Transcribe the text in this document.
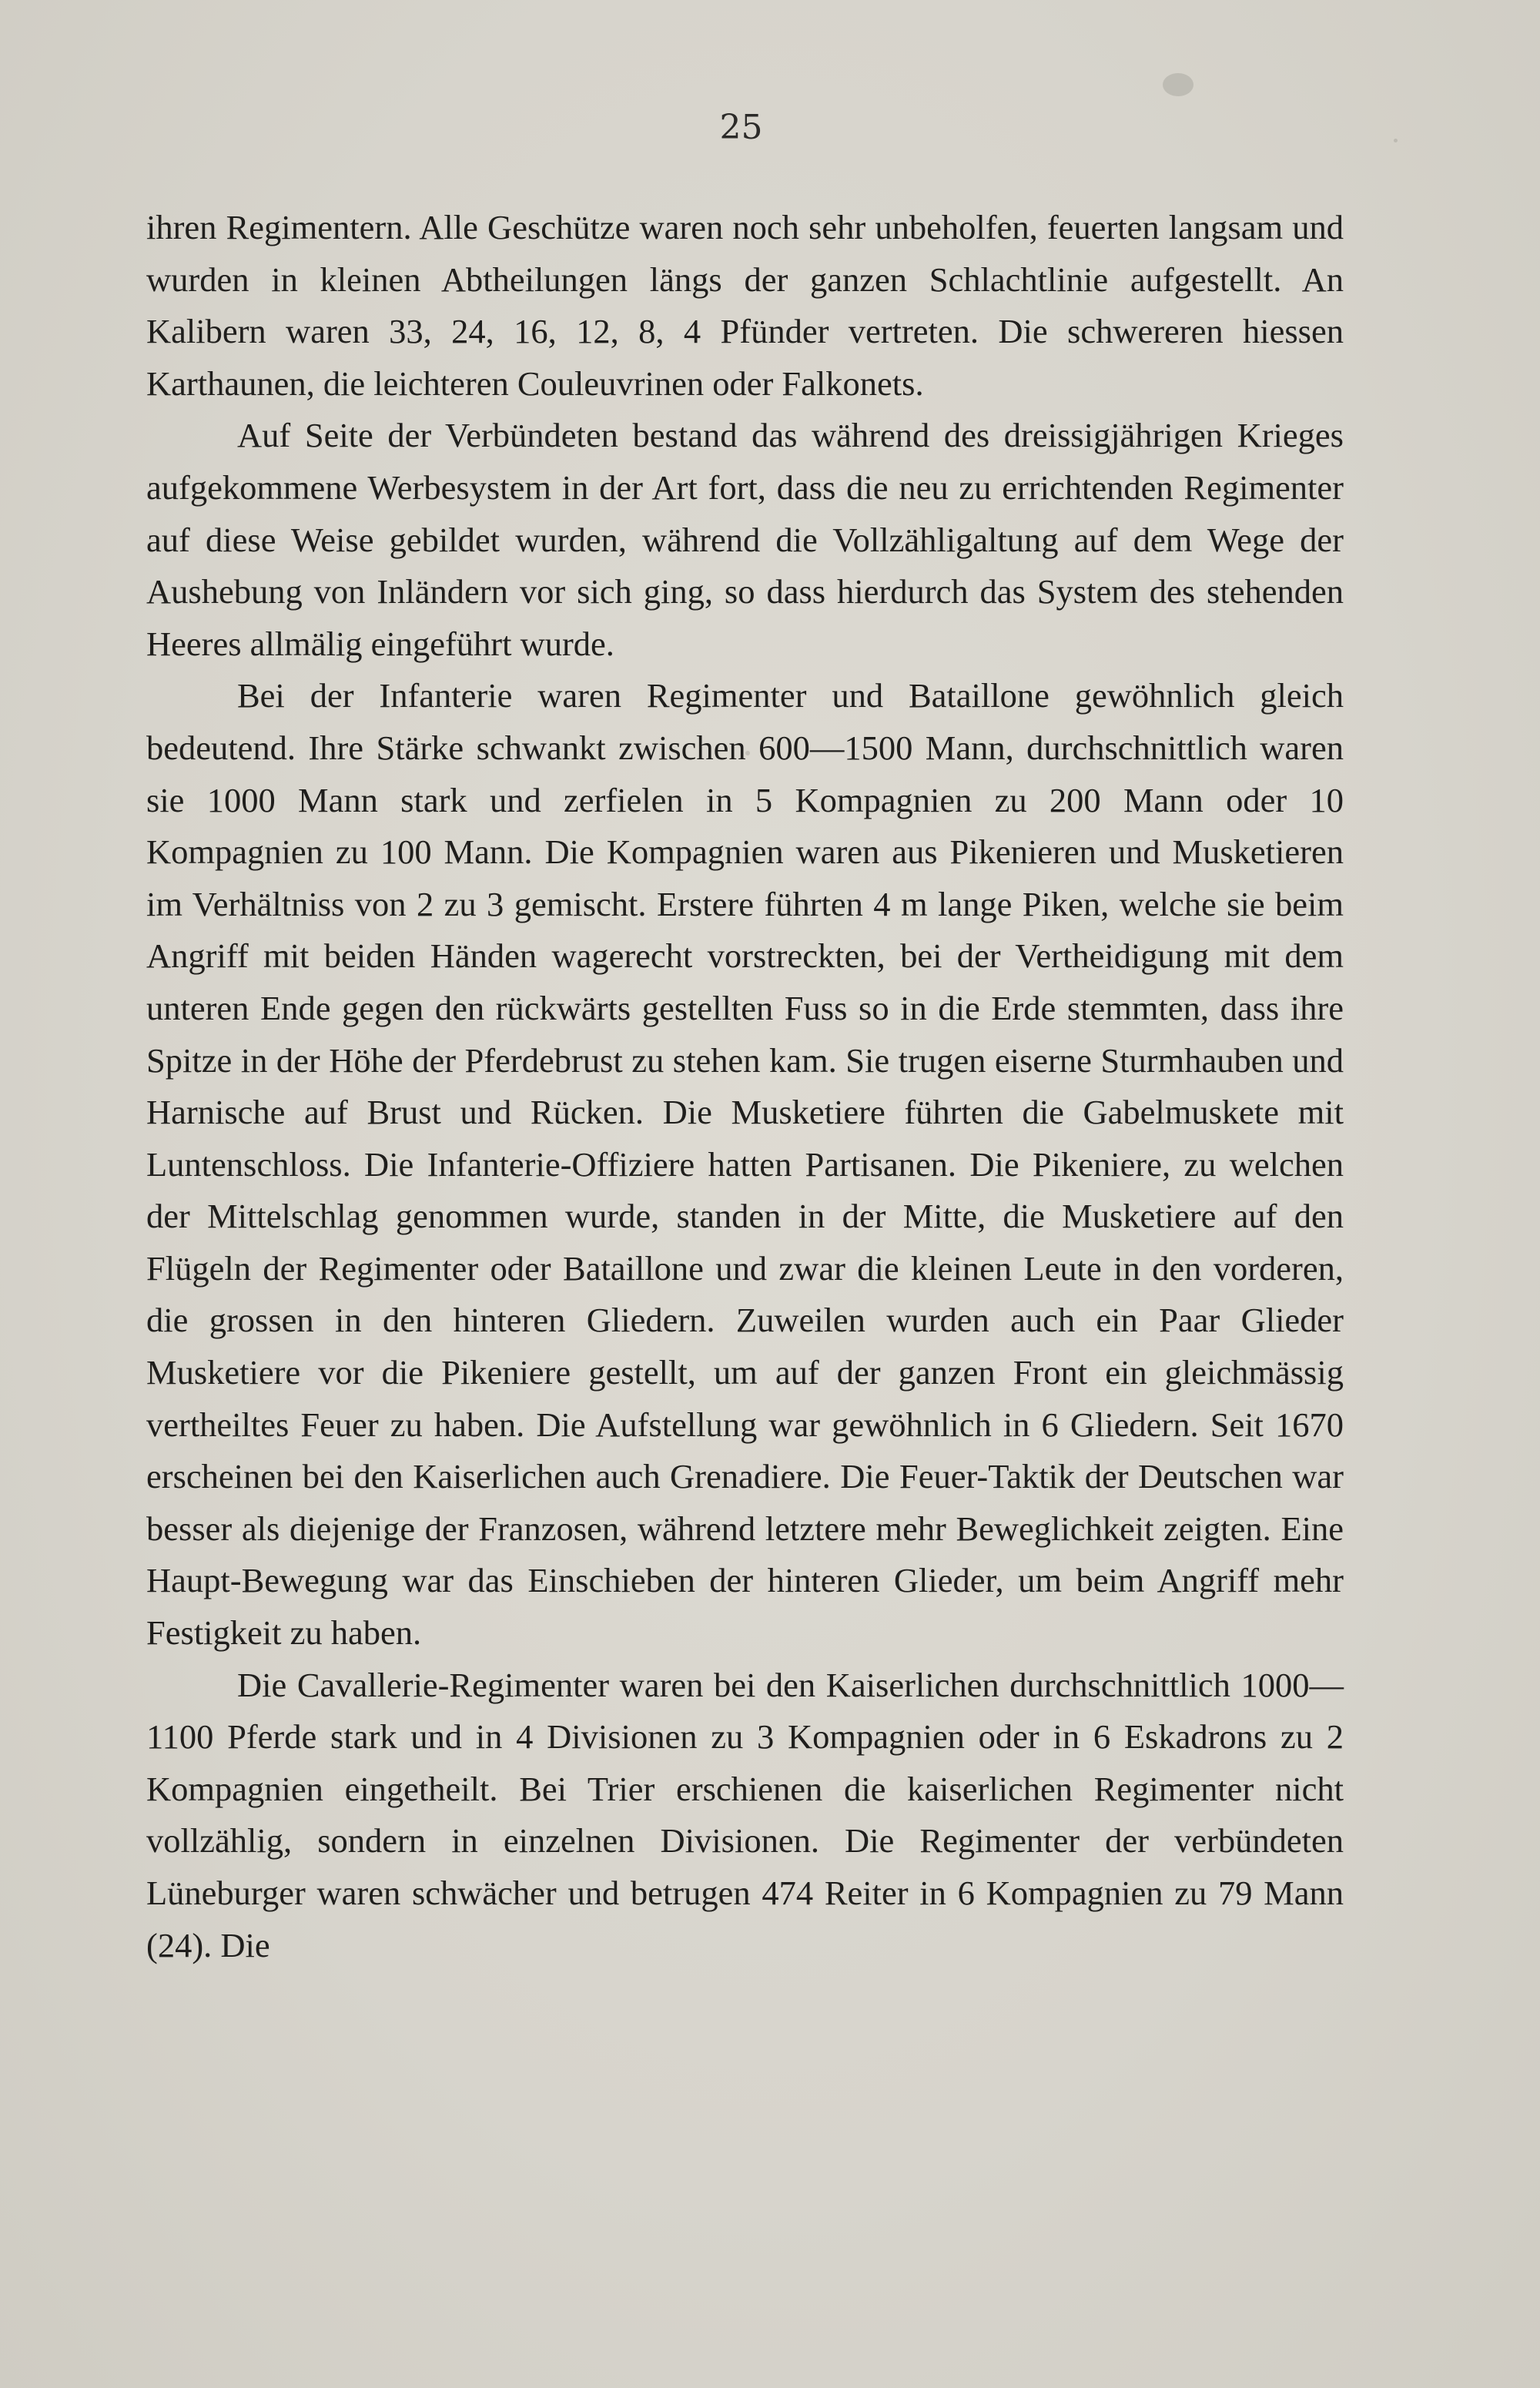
25

ihren Regimentern. Alle Geschütze waren noch sehr unbeholfen, feuerten langsam und wurden in kleinen Abtheilungen längs der ganzen Schlachtlinie aufgestellt. An Kalibern waren 33, 24, 16, 12, 8, 4 Pfünder vertreten. Die schwereren hiessen Karthaunen, die leichteren Couleuvrinen oder Falkonets.

Auf Seite der Verbündeten bestand das während des dreissigjährigen Krieges aufgekommene Werbesystem in der Art fort, dass die neu zu errichtenden Regimenter auf diese Weise gebildet wurden, während die Vollzähligaltung auf dem Wege der Aushebung von Inländern vor sich ging, so dass hierdurch das System des stehenden Heeres allmälig eingeführt wurde.

Bei der Infanterie waren Regimenter und Bataillone gewöhnlich gleich bedeutend. Ihre Stärke schwankt zwischen 600—1500 Mann, durchschnittlich waren sie 1000 Mann stark und zerfielen in 5 Kompagnien zu 200 Mann oder 10 Kompagnien zu 100 Mann. Die Kompagnien waren aus Pikenieren und Musketieren im Verhältniss von 2 zu 3 gemischt. Erstere führten 4 m lange Piken, welche sie beim Angriff mit beiden Händen wagerecht vorstreckten, bei der Vertheidigung mit dem unteren Ende gegen den rückwärts gestellten Fuss so in die Erde stemmten, dass ihre Spitze in der Höhe der Pferdebrust zu stehen kam. Sie trugen eiserne Sturmhauben und Harnische auf Brust und Rücken. Die Musketiere führten die Gabelmuskete mit Luntenschloss. Die Infanterie-Offiziere hatten Partisanen. Die Pikeniere, zu welchen der Mittelschlag genommen wurde, standen in der Mitte, die Musketiere auf den Flügeln der Regimenter oder Bataillone und zwar die kleinen Leute in den vorderen, die grossen in den hinteren Gliedern. Zuweilen wurden auch ein Paar Glieder Musketiere vor die Pikeniere gestellt, um auf der ganzen Front ein gleichmässig vertheiltes Feuer zu haben. Die Aufstellung war gewöhnlich in 6 Gliedern. Seit 1670 erscheinen bei den Kaiserlichen auch Grenadiere. Die Feuer-Taktik der Deutschen war besser als diejenige der Franzosen, während letztere mehr Beweglichkeit zeigten. Eine Haupt-Bewegung war das Einschieben der hinteren Glieder, um beim Angriff mehr Festigkeit zu haben.

Die Cavallerie-Regimenter waren bei den Kaiserlichen durchschnittlich 1000—1100 Pferde stark und in 4 Divisionen zu 3 Kompagnien oder in 6 Eskadrons zu 2 Kompagnien eingetheilt. Bei Trier erschienen die kaiserlichen Regimenter nicht vollzählig, sondern in einzelnen Divisionen. Die Regimenter der verbündeten Lüneburger waren schwächer und betrugen 474 Reiter in 6 Kompagnien zu 79 Mann (24). Die
